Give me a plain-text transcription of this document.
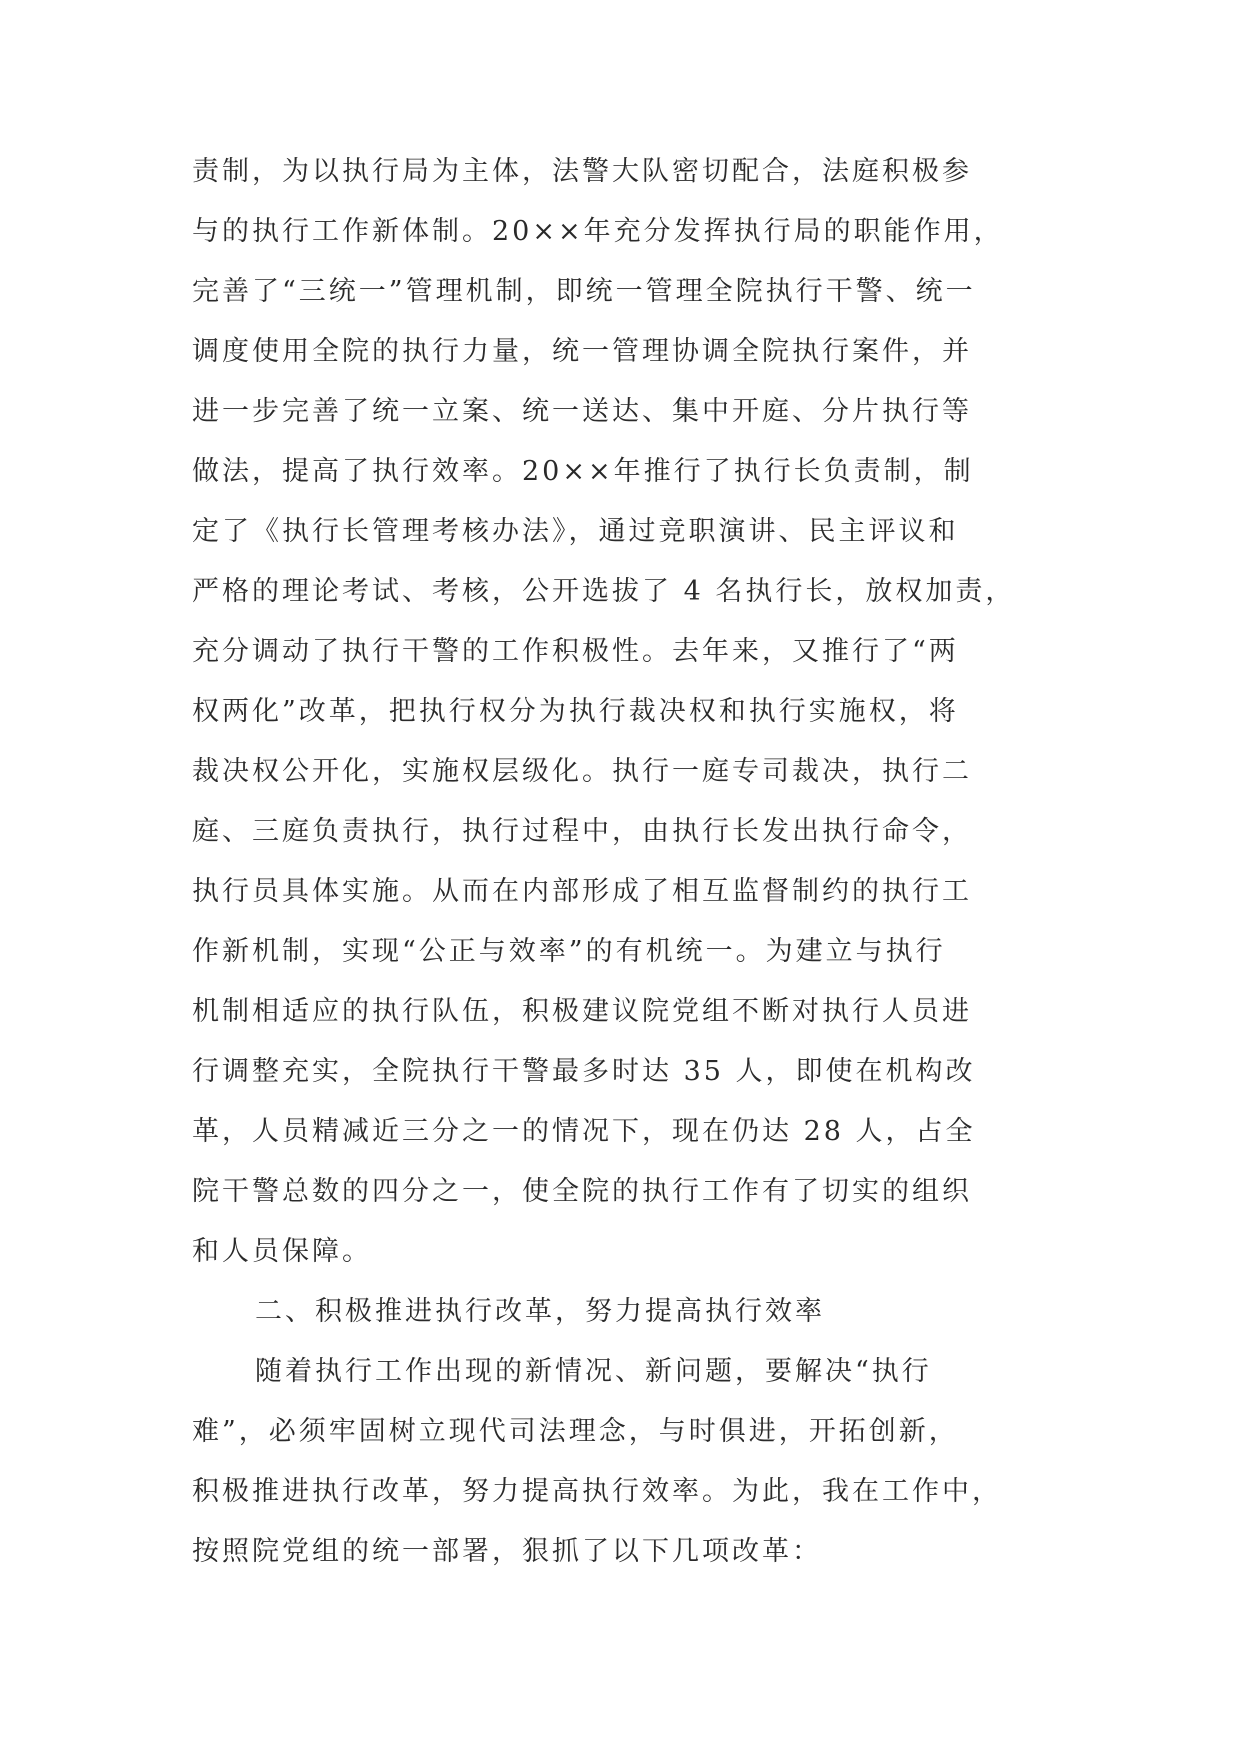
责制，为以执行局为主体，法警大队密切配合，法庭积极参
与的执行工作新体制。20××年充分发挥执行局的职能作用，
完善了“三统一”管理机制，即统一管理全院执行干警、统一
调度使用全院的执行力量，统一管理协调全院执行案件，并
进一步完善了统一立案、统一送达、集中开庭、分片执行等
做法，提高了执行效率。20××年推行了执行长负责制，制
定了《执行长管理考核办法》，通过竞职演讲、民主评议和
严格的理论考试、考核，公开选拔了 4 名执行长，放权加责，
充分调动了执行干警的工作积极性。去年来，又推行了“两
权两化”改革，把执行权分为执行裁决权和执行实施权，将
裁决权公开化，实施权层级化。执行一庭专司裁决，执行二
庭、三庭负责执行，执行过程中，由执行长发出执行命令，
执行员具体实施。从而在内部形成了相互监督制约的执行工
作新机制，实现“公正与效率”的有机统一。为建立与执行
机制相适应的执行队伍，积极建议院党组不断对执行人员进
行调整充实，全院执行干警最多时达 35 人，即使在机构改
革，人员精减近三分之一的情况下，现在仍达 28 人，占全
院干警总数的四分之一，使全院的执行工作有了切实的组织
和人员保障。
二、积极推进执行改革，努力提高执行效率
随着执行工作出现的新情况、新问题，要解决“执行
难”，必须牢固树立现代司法理念，与时俱进，开拓创新，
积极推进执行改革，努力提高执行效率。为此，我在工作中，
按照院党组的统一部署，狠抓了以下几项改革：
